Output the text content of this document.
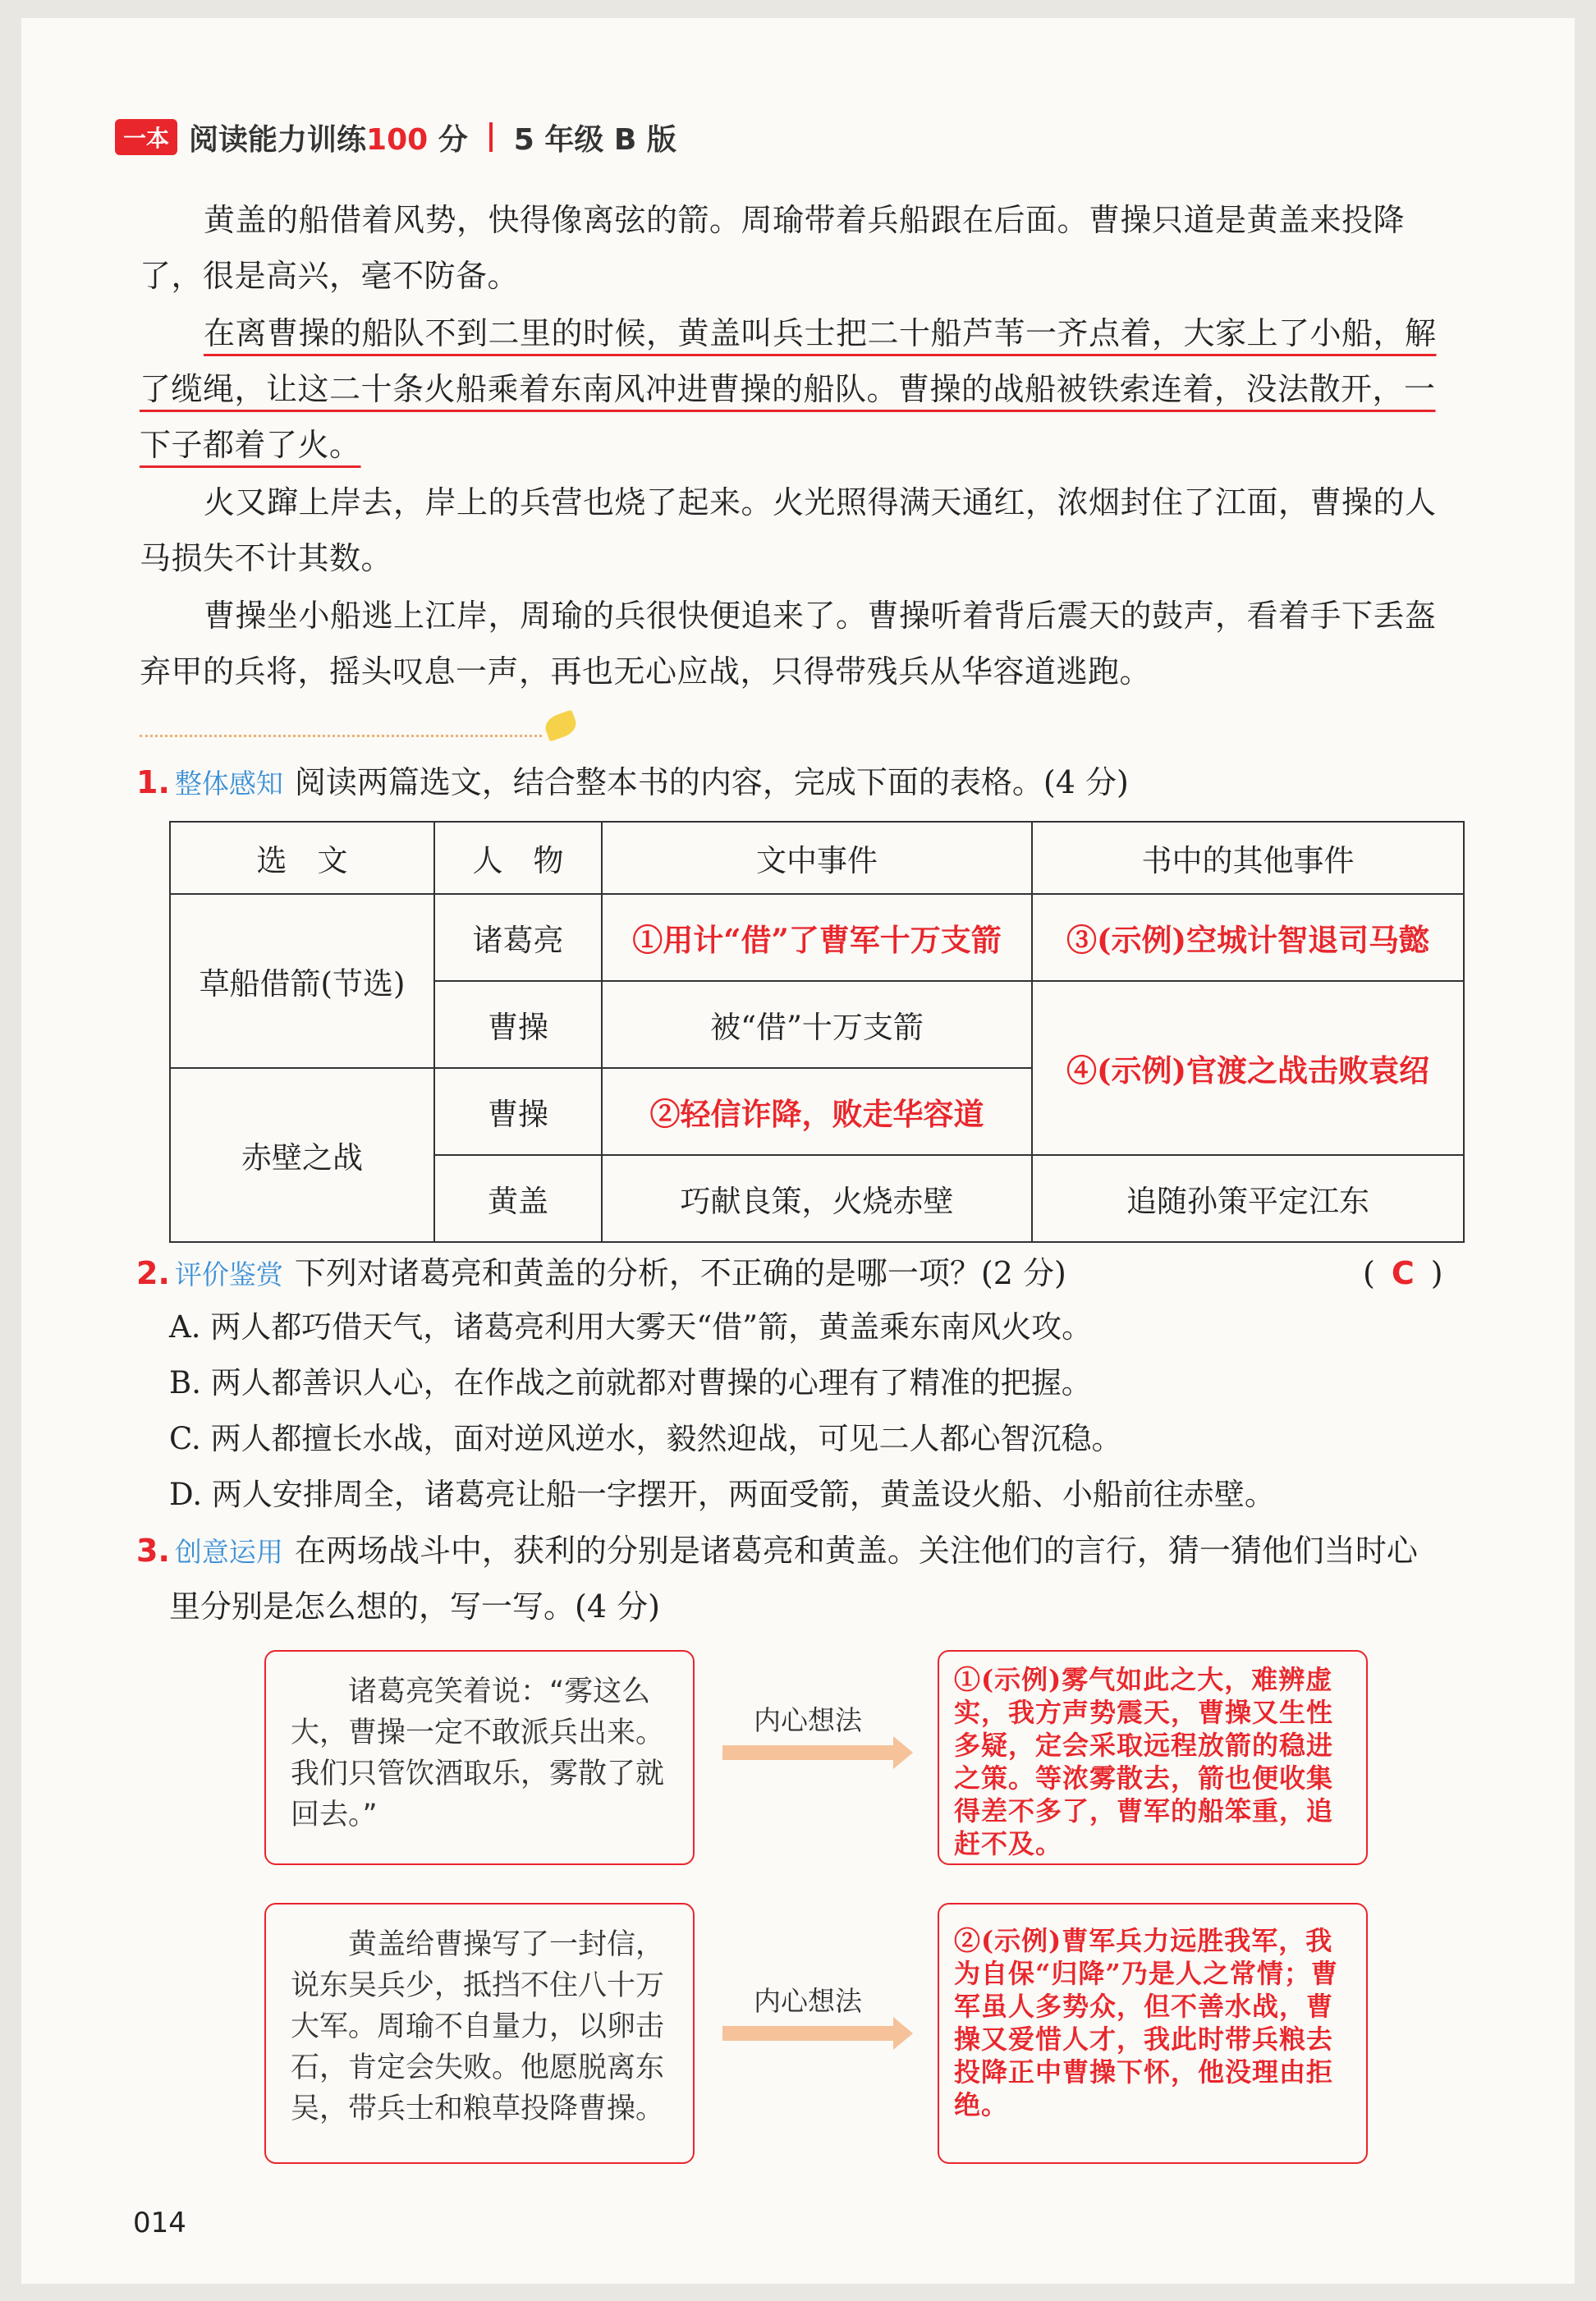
一本 阅读能力训练100 分 5 年级 B 版
黄盖的船借着风势，快得像离弦的箭。周瑜带着兵船跟在后面。曹操只道是黄盖来投降了，很是高兴，毫不防备。
在离曹操的船队不到二里的时候，黄盖叫兵士把二十船芦苇一齐点着，大家上了小船，解了缆绳，让这二十条火船乘着东南风冲进曹操的船队。曹操的战船被铁索连着，没法散开，一下子都着了火。
火又蹿上岸去，岸上的兵营也烧了起来。火光照得满天通红，浓烟封住了江面，曹操的人马损失不计其数。
曹操坐小船逃上江岸，周瑜的兵很快便追来了。曹操听着背后震天的鼓声，看着手下丢盔弃甲的兵将，摇头叹息一声，再也无心应战，只得带残兵从华容道逃跑。
1. 整体感知 阅读两篇选文，结合整本书的内容，完成下面的表格。(4 分)
选　文	人　物	文中事件	书中的其他事件
草船借箭(节选)	诸葛亮	①用计“借”了曹军十万支箭	③(示例)空城计智退司马懿
	曹操	被“借”十万支箭	④(示例)官渡之战击败袁绍
赤壁之战	曹操	②轻信诈降，败走华容道	
	黄盖	巧献良策，火烧赤壁	追随孙策平定江东
2. 评价鉴赏 下列对诸葛亮和黄盖的分析，不正确的是哪一项？(2 分)	( C )
A. 两人都巧借天气，诸葛亮利用大雾天“借”箭，黄盖乘东南风火攻。
B. 两人都善识人心，在作战之前就都对曹操的心理有了精准的把握。
C. 两人都擅长水战，面对逆风逆水，毅然迎战，可见二人都心智沉稳。
D. 两人安排周全，诸葛亮让船一字摆开，两面受箭，黄盖设火船、小船前往赤壁。
3. 创意运用 在两场战斗中，获利的分别是诸葛亮和黄盖。关注他们的言行，猜一猜他们当时心
里分别是怎么想的，写一写。(4 分)

诸葛亮笑着说：“雾这么大，曹操一定不敢派兵出来。我们只管饮酒取乐，雾散了就回去。”

内心想法
①(示例)雾气如此之大，难辨虚实，我方声势震天，曹操又生性多疑，定会采取远程放箭的稳进之策。等浓雾散去，箭也便收集得差不多了，曹军的船笨重，追赶不及。

黄盖给曹操写了一封信，说东吴兵少，抵挡不住八十万大军。周瑜不自量力，以卵击石，肯定会失败。他愿脱离东吴，带兵士和粮草投降曹操。

内心想法
②(示例)曹军兵力远胜我军，我为自保“归降”乃是人之常情；曹军虽人多势众，但不善水战，曹操又爱惜人才，我此时带兵粮去投降正中曹操下怀，他没理由拒绝。
014
